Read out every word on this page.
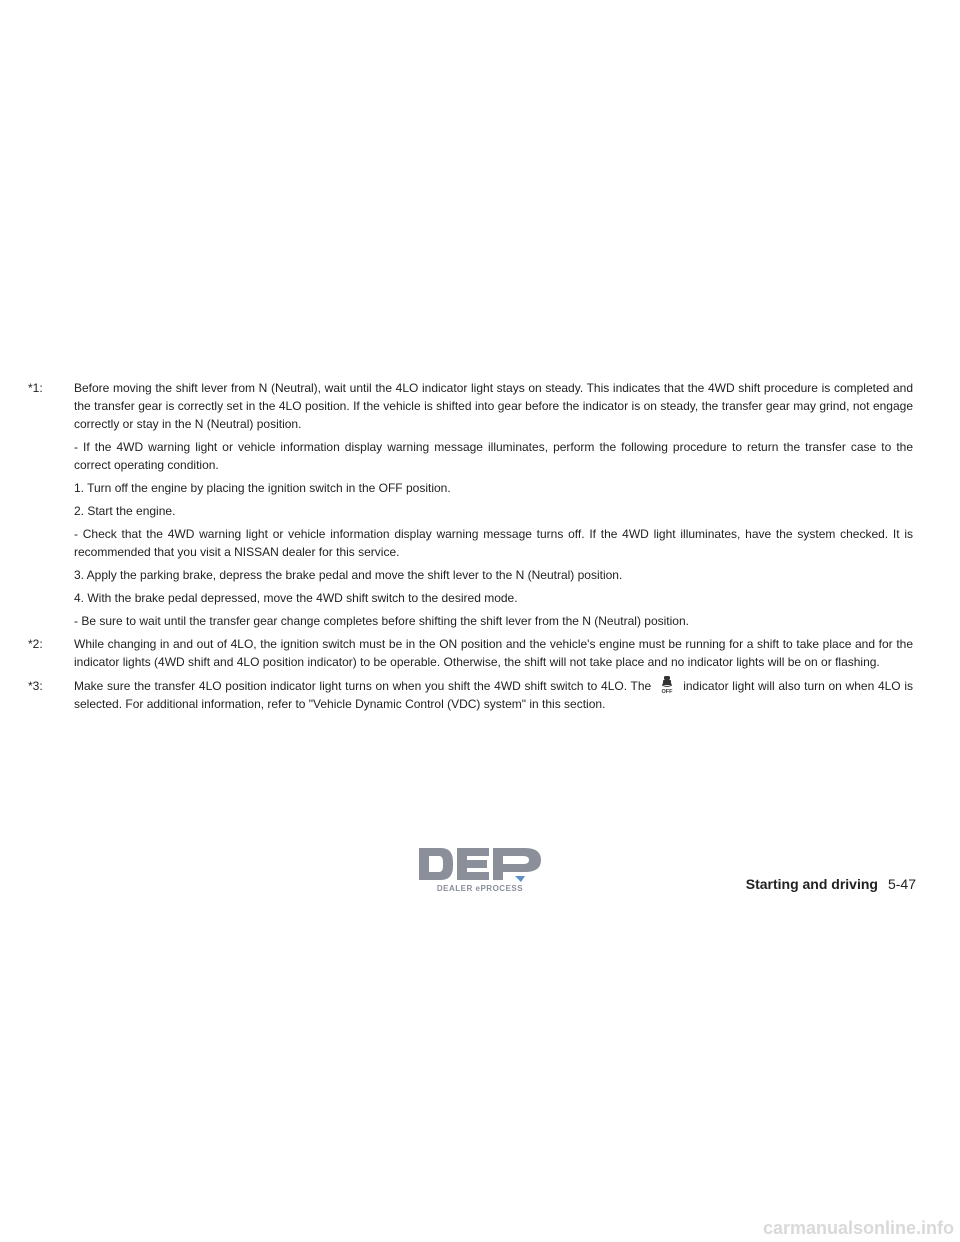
*1:	Before moving the shift lever from N (Neutral), wait until the 4LO indicator light stays on steady. This indicates that the 4WD shift procedure is completed and the transfer gear is correctly set in the 4LO position. If the vehicle is shifted into gear before the indicator is on steady, the transfer gear may grind, not engage correctly or stay in the N (Neutral) position.

- If the 4WD warning light or vehicle information display warning message illuminates, perform the following procedure to return the transfer case to the correct operating condition.

1. Turn off the engine by placing the ignition switch in the OFF position.

2. Start the engine.

- Check that the 4WD warning light or vehicle information display warning message turns off. If the 4WD light illuminates, have the system checked. It is recommended that you visit a NISSAN dealer for this service.

3. Apply the parking brake, depress the brake pedal and move the shift lever to the N (Neutral) position.

4. With the brake pedal depressed, move the 4WD shift switch to the desired mode.

- Be sure to wait until the transfer gear change completes before shifting the shift lever from the N (Neutral) position.

*2:	While changing in and out of 4LO, the ignition switch must be in the ON position and the vehicle's engine must be running for a shift to take place and for the indicator lights (4WD shift and 4LO position indicator) to be operable. Otherwise, the shift will not take place and no indicator lights will be on or flashing.

*3:	Make sure the transfer 4LO position indicator light turns on when you shift the 4WD shift switch to 4LO. The OFF indicator light will also turn on when 4LO is selected. For additional information, refer to "Vehicle Dynamic Control (VDC) system" in this section.

DEALER ePROCESS	Starting and driving 5-47
carmanualsonline.info
